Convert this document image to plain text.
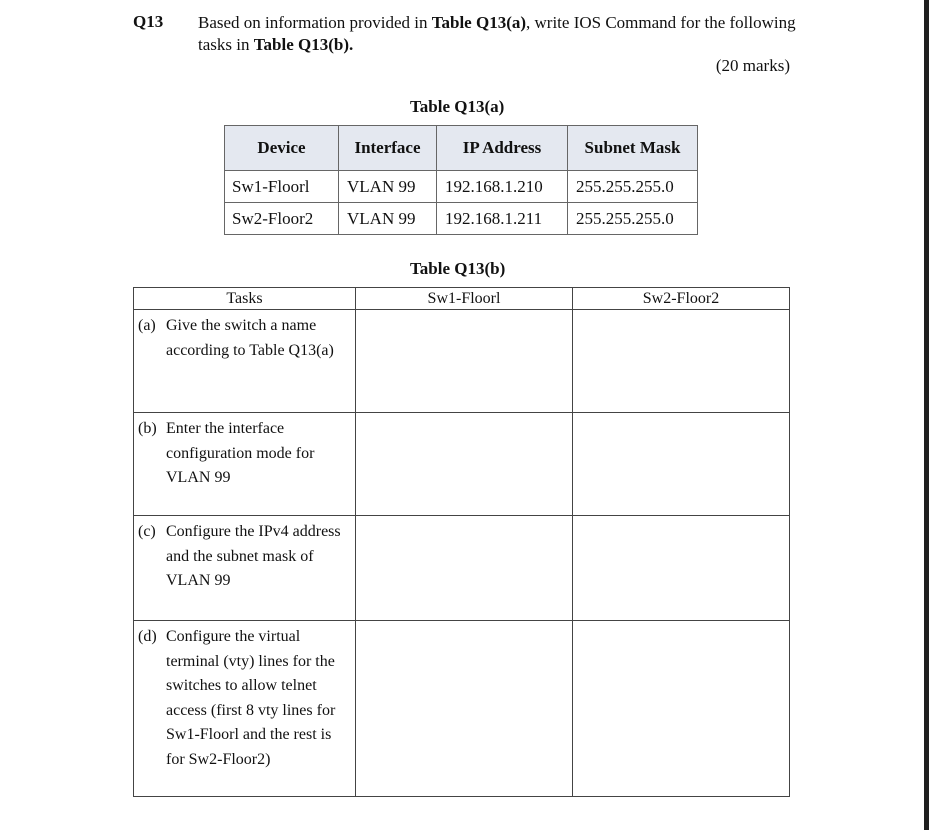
Q13 Based on information provided in Table Q13(a), write IOS Command for the following tasks in Table Q13(b).
(20 marks)
Table Q13(a)
Device	Interface	IP Address	Subnet Mask
Sw1-Floorl	VLAN 99	192.168.1.210	255.255.255.0
Sw2-Floor2	VLAN 99	192.168.1.211	255.255.255.0
Table Q13(b)
Tasks	Sw1-Floorl	Sw2-Floor2

(a) Give the switch a name according to Table Q13(a)		

(b) Enter the interface configuration mode for VLAN 99		

(c) Configure the IPv4 address and the subnet mask of VLAN 99		

(d) Configure the virtual terminal (vty) lines for the switches to allow telnet access (first 8 vty lines for Sw1-Floorl and the rest is for Sw2-Floor2)		
